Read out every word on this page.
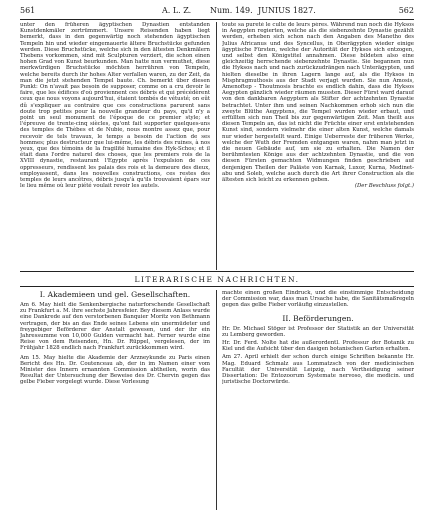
561	A. L. Z. Num. 149. JUNIUS 1827.	562

unter den früheren ägyptischen Dynastien entstanden Kunstdenkmäler zertrümmert. Unsere Reisenden haben liegt bemerkt, dass in den gegenwärtig noch stehenden ägyptischen Tempeln hin und wieder eingemauerte ältere Bruchstücke gefunden werden. Diese Bruchstücke, welche sich in den ältesten Denkmälern Thebens vorkommen, sind mit Sculpturen verziert, die schon einen hohen Grad von Kunst beurkunden. Man hatte nun vermuthet, diese merkwürdigen Bruchstücke möchten herrühren von Tempeln, welche bereits durch ihr hohes Alter verfallen waren, zu der Zeit, da man die jetzt stehenden Tempel baute. Ch. bemerkt über diesen Punkt: On n'avait pas besoin de supposer, comme on a cru devoir le faire, que les édifices d'où proviennent ces débris et qui précédèrent ceux que nous voyons aujourd'hui, étaient tombés de vétusté; on eût dû s'expliquer au contraire que ces constructions parurent sans doute trop petites pour la nouvelle grandeur du pays, qu'il n'y a point un seul monument de l'époque de ce premier style; et l'épreuve de trente-cinq siècles, qu'ont fait supporter quelques-uns des temples de Thèbes et de Nubie, nous montre assez que, pour recevoir de tels travaux, le temps a besoin de l'action de ses hommes; plus destructeur que lui-même, les débris des ruines, à nos yeux, que des témoins de la fragilité humaine des Hyk-Schos; et il était dans l'ordre naturel des choses, que les premiers rois de la XVIII dynastie, restaurant l'Egypte après l'expulsion de ces oppresseurs, rendissent les palais des rois et la demeure des dieux, employassent, dans les nouvelles constructions, ces restes des temples de leurs ancêtres, débris jusqu'à qu'ils trouvaient épars sur le lieu même où leur piété voulait revoir les autels.

toute sa pureté le culte de leurs pères. Während nun noch die Hyksos in Aegypten regierten, welche als die siebenzehnte Dynastie gezählt werden, erheben sich schon nach den Angaben des Manetho des Julius Africanus und des Syncellus, in Oberägypten wieder einige ägyptische Fürsten, welche der Autorität der Hyksos sich entzogen, und selbst den Königstitel annahmen. Diese bildeten also eine gleichzeitig herrschende siebenzehnte Dynastie. Sie begannen nun die Hyksos nach und nach zurückzudrängen nach Unterägypten, und hielten dieselbe in ihren Lagern lange auf, als die Hyksos in Misphragmuthosis aus der Stadt verjagt wurden. Sie nun Amosis, Amenoftep - Thoutmosis brachte es endlich dahin, dass die Hyksos Aegypten gänzlich wieder räumen mussten. Dieser Fürst ward darauf von den dankbaren Aegyptern als Stifter der achtzehnten Dynastie betrachtet. Unter ihm und seinen Nachkommen erhob sich nun die zweyte Blüthe Aegyptens, die Tempel wurden wieder erbaut, und erfüllten sich nun Theil bis zur gegenwärtigen Zeit. Man theilt aus diesen Tempeln an, das ist nicht die Früchte einer erst entstehenden Kunst sind, sondern vielmehr die einer alten Kunst, welche damals nur wieder hergestellt ward. Einige Ueberreste der früheren Werke, welche der Wuth der Fremden entgangen waren, nahm man jetzt in die neuen Gebäude auf, um sie zu erhalten. Die Namen der berühmtesten Könige aus der achtzehnten Dynastie, und die von diesen Fürsten gemachten Widmungen finden geschrieben auf denjenigen Theilen der Paläste von Karnak, Luxor, Kurna, Medinet-abu und Soleb, welche auch durch die Art ihrer Construction als die ältesten sich leicht zu erkennen geben.

(Der Beschluss folgt.)

LITERARISCHE NACHRICHTEN.
I. Akademieen und gel. Gesellschaften.

Am 6. May hielt die Senkenbergische naturforschende Gesellschaft zu Frankfurt a. M. ihre sechste Jahresfeier. Bey diesem Anlass wurde eine Dankrede auf den verstorbenen Banquier Moritz von Bethmann vertragen, der bis an das Ende seines Lebens ein unermüdeter und freygebiger Beförderer der Anstalt gewesen, und der ihr ein Jahressumme von 10,000 Gulden vermacht hat. Ferner wurde eine Reise von dem Reisenden, Hn. Dr. Rüppel, vergelesen, der im Frühjahr 1828 endlich nach Frankfurt zurückkommen wird.

Am 15. May hielte die Akademie der Arzneykunde zu Paris einen Bericht des Hn. Dr. Coutenceau ab, der in im Namen einer vom Minister des Innern ernannten Commission abtheilen, worin das Resultat der Untersuchung der Beweise des Dr. Chervin gegen das gelbe Fieber vorgelegt wurde. Diese Vorlesung

machte einen großen Eindruck, und die einstimmige Entscheidung der Commission war, dass man Ursache habe, die Sanitätsmaßregeln gegen das gelbe Fieber vorläufig einzustellen.

II. Beförderungen.

Hr. Dr. Michael Stöger ist Professor der Statistik an der Universität zu Lemberg geworden.

Hr. Dr. Ferd. Nolte hat die außerordentl. Professur der Botanik zu Kiel und die Aufsicht über den dasigen botanischen Garten erhalten.

Am 27. April erhielt der schon durch einige Schriften bekannte Hr. Mag. Eduard Schmalz aus Lommatzsch von der medicinischen Facultät der Universität Leipzig, nach Vertheidigung seiner Dissertation: De Entozoorum Systemate nervoso, die medicin. und juristische Doctorwürde.
